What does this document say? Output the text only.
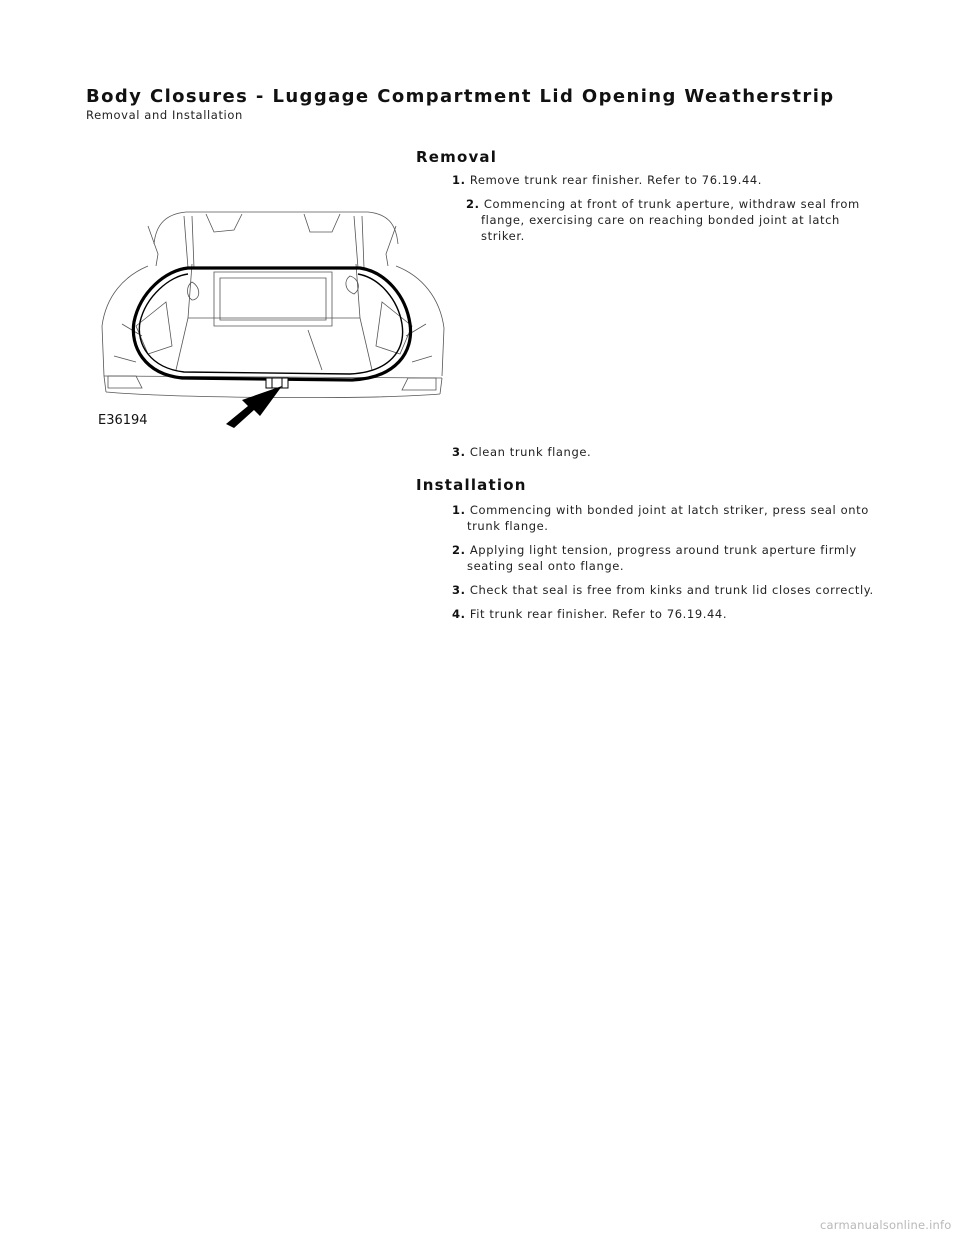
Body Closures - Luggage Compartment Lid Opening Weatherstrip
Removal and Installation
Removal
1. Remove trunk rear finisher. Refer to 76.19.44.
2. Commencing at front of trunk aperture, withdraw seal from flange, exercising care on reaching bonded joint at latch striker.
E36194
3. Clean trunk flange.
Installation
1. Commencing with bonded joint at latch striker, press seal onto trunk flange.
2. Applying light tension, progress around trunk aperture firmly seating seal onto flange.
3. Check that seal is free from kinks and trunk lid closes correctly.
4. Fit trunk rear finisher. Refer to 76.19.44.
carmanualsonline.info
